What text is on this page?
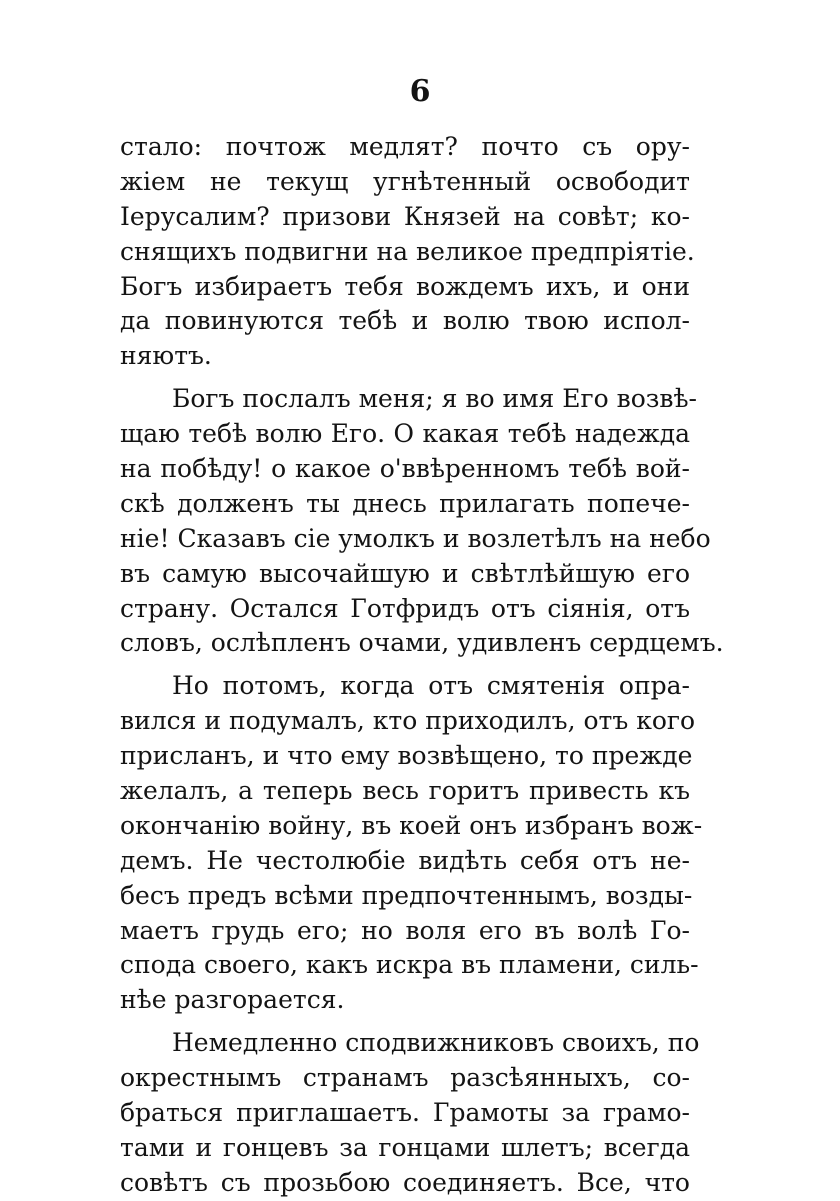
6
стало: почтож медлят? почто съ ору-
жіем не текущ угнѣтенный освободит
Іерусалим? призови Князей на совѣт; ко-
снящихъ подвигни на великое предпріятіе.
Богъ избираетъ тебя вождемъ ихъ, и они
да повинуются тебѣ и волю твою испол-
няютъ.
Богъ послалъ меня; я во имя Его возвѣ-
щаю тебѣ волю Его. О какая тебѣ надежда
на побѣду! о какое о'ввѣренномъ тебѣ вой-
скѣ долженъ ты днесь прилагать попече-
ніе! Сказавъ сіе умолкъ и возлетѣлъ на небо
въ самую высочайшую и свѣтлѣйшую его
страну. Остался Готфридъ отъ сіянія, отъ
словъ, ослѣпленъ очами, удивленъ сердцемъ.
Но потомъ, когда отъ смятенія опра-
вился и подумалъ, кто приходилъ, отъ кого
присланъ, и что ему возвѣщено, то прежде
желалъ, а теперь весь горитъ привесть къ
окончанію войну, въ коей онъ избранъ вож-
демъ. Не честолюбіе видѣть себя отъ не-
бесъ предъ всѣми предпочтеннымъ, возды-
маетъ грудь его; но воля его въ волѣ Го-
спода своего, какъ искра въ пламени, силь-
нѣе разгорается.
Немедленно сподвижниковъ своихъ, по
окрестнымъ странамъ разсѣянныхъ, со-
браться приглашаетъ. Грамоты за грамо-
тами и гонцевъ за гонцами шлетъ; всегда
совѣтъ съ прозьбою соединяетъ. Все, что
